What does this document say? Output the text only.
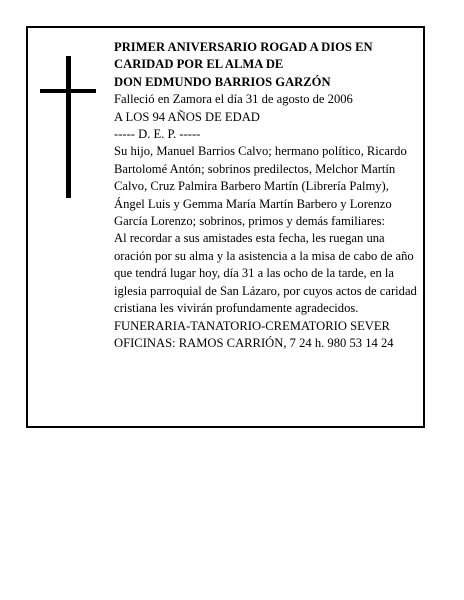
PRIMER ANIVERSARIO ROGAD A DIOS EN

CARIDAD POR EL ALMA DE

DON EDMUNDO BARRIOS GARZÓN

Falleció en Zamora el día 31 de agosto de 2006

A LOS 94 AÑOS DE EDAD

----- D. E. P. -----

Su hijo, Manuel Barrios Calvo; hermano político, Ricardo Bartolomé Antón; sobrinos predilectos, Melchor Martín Calvo, Cruz Palmira Barbero Martín (Librería Palmy), Ángel Luis y Gemma María Martín Barbero y Lorenzo García Lorenzo; sobrinos, primos y demás familiares:

Al recordar a sus amistades esta fecha, les ruegan una oración por su alma y la asistencia a la misa de cabo de año que tendrá lugar hoy, día 31 a las ocho de la tarde, en la iglesia parroquial de San Lázaro, por cuyos actos de caridad cristiana les vivirán profundamente agradecidos.

FUNERARIA-TANATORIO-CREMATORIO SEVER

OFICINAS: RAMOS CARRIÓN, 7 24 h. 980 53 14 24
